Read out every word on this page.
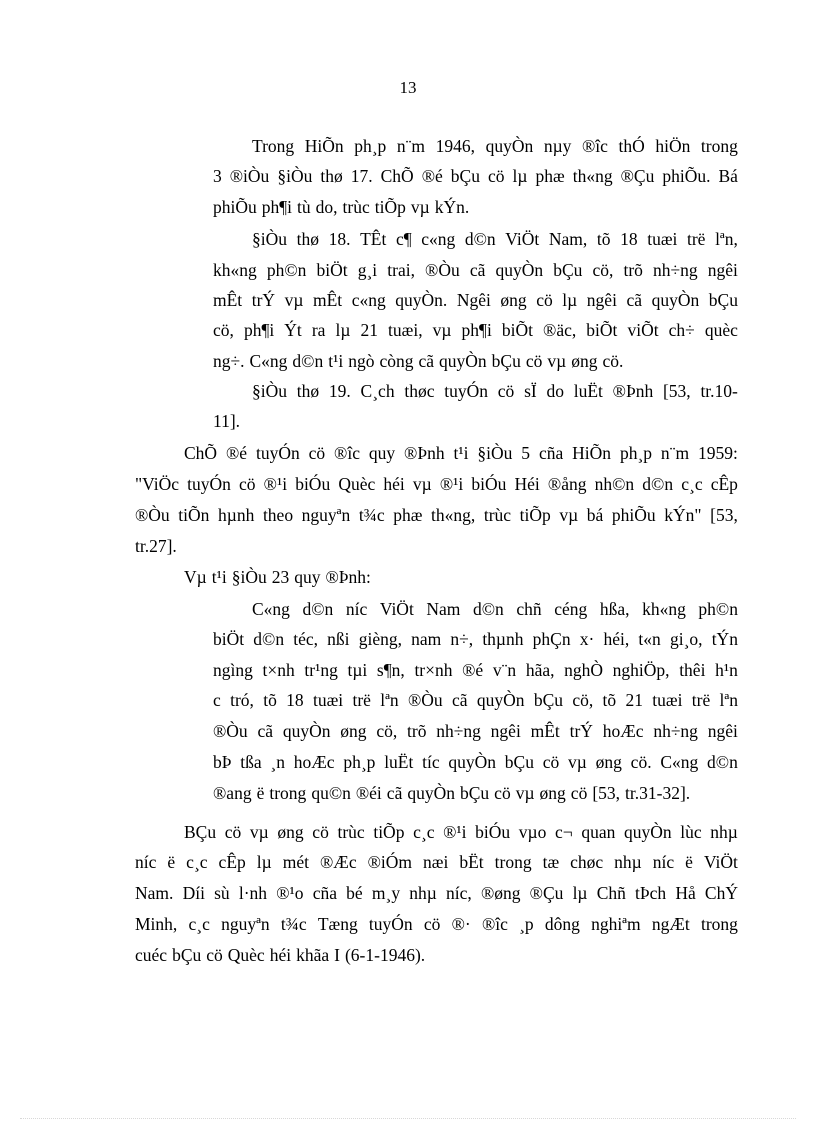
13
Trong HiÕn ph¸p n¨m 1946, quyÒn nµy ®îc thÓ hiÖn trong
3 ®iÒu §iÒu thø 17. ChÕ ®é bÇu cö lµ phæ th«ng ®Çu phiÕu. Bá
phiÕu ph¶i tù do, trùc tiÕp vµ kÝn.
§iÒu thø 18. TÊt c¶ c«ng d©n ViÖt Nam, tõ 18 tuæi trë lªn,
kh«ng ph©n biÖt g¸i trai, ®Òu cã quyÒn bÇu cö, trõ nh÷ng ngêi
mÊt trÝ vµ mÊt c«ng quyÒn. Ngêi øng cö lµ ngêi cã quyÒn bÇu
cö, ph¶i Ýt ra lµ 21 tuæi, vµ ph¶i biÕt ®äc, biÕt viÕt ch÷ quèc
ng÷. C«ng d©n t¹i ngò còng cã quyÒn bÇu cö vµ øng cö.
§iÒu thø 19. C¸ch thøc tuyÓn cö sÏ do luËt ®Þnh [53, tr.10-
11].
ChÕ ®é tuyÓn cö ®îc quy ®Þnh t¹i §iÒu 5 cña HiÕn ph¸p n¨m 1959:
"ViÖc tuyÓn cö ®¹i biÓu Quèc héi vµ ®¹i biÓu Héi ®ång nh©n d©n c¸c cÊp
®Òu tiÕn hµnh theo nguyªn t¾c phæ th«ng, trùc tiÕp vµ bá phiÕu kÝn" [53,
tr.27].
Vµ t¹i §iÒu 23 quy ®Þnh:
C«ng d©n níc ViÖt Nam d©n chñ céng hßa, kh«ng ph©n
biÖt d©n téc, nßi gièng, nam n÷, thµnh phÇn x· héi, t«n gi¸o, tÝn
ngìng t×nh tr¹ng tµi s¶n, tr×nh ®é v¨n hãa, nghÒ nghiÖp, thêi h¹n
c tró, tõ 18 tuæi trë lªn ®Òu cã quyÒn bÇu cö, tõ 21 tuæi trë lªn
®Òu cã quyÒn øng cö, trõ nh÷ng ngêi mÊt trÝ hoÆc nh÷ng ngêi
bÞ tßa ¸n hoÆc ph¸p luËt tíc quyÒn bÇu cö vµ øng cö. C«ng d©n
®ang ë trong qu©n ®éi cã quyÒn bÇu cö vµ øng cö [53, tr.31-32].
BÇu cö vµ øng cö trùc tiÕp c¸c ®¹i biÓu vµo c¬ quan quyÒn lùc nhµ
níc ë c¸c cÊp lµ mét ®Æc ®iÓm næi bËt trong tæ chøc nhµ níc ë ViÖt
Nam. Díi sù l·nh ®¹o cña bé m¸y nhµ níc, ®øng ®Çu lµ Chñ tÞch Hå ChÝ
Minh, c¸c nguyªn t¾c Tæng tuyÓn cö ®· ®îc ¸p dông nghiªm ngÆt trong
cuéc bÇu cö Quèc héi khãa I (6-1-1946).
